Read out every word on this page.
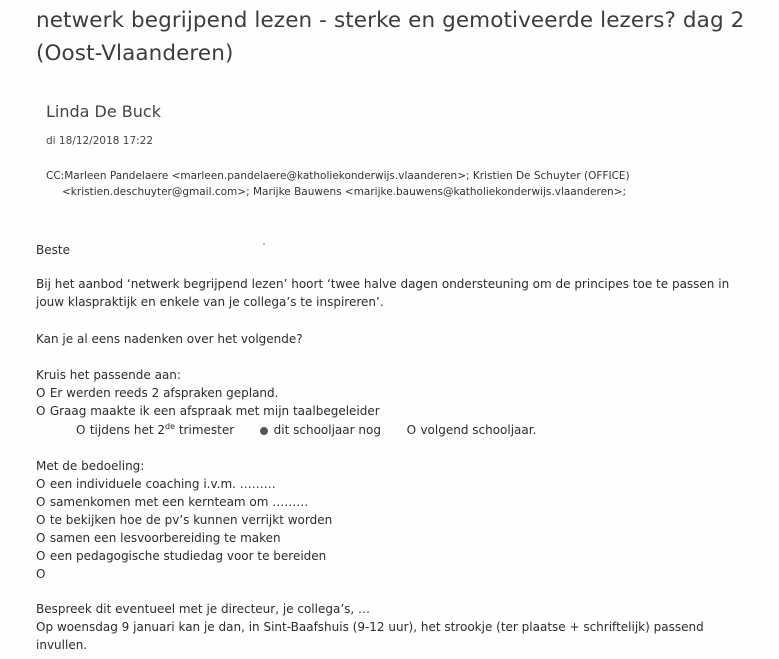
netwerk begrijpend lezen - sterke en gemotiveerde lezers? dag 2 (Oost-Vlaanderen)
Linda De Buck
di 18/12/2018 17:22
CC:Marleen Pandelaere <marleen.pandelaere@katholiekonderwijs.vlaanderen>; Kristien De Schuyter (OFFICE)
<kristien.deschuyter@gmail.com>; Marijke Bauwens <marijke.bauwens@katholiekonderwijs.vlaanderen>;
Beste
Bij het aanbod ‘netwerk begrijpend lezen’ hoort ‘twee halve dagen ondersteuning om de principes toe te passen in
jouw klaspraktijk en enkele van je collega’s te inspireren’.
Kan je al eens nadenken over het volgende?
Kruis het passende aan:
O Er werden reeds 2 afspraken gepland.
O Graag maakte ik een afspraak met mijn taalbegeleider
O tijdens het 2de trimester	dit schooljaar nog O volgend schooljaar.
Met de bedoeling:
O een individuele coaching i.v.m. ………
O samenkomen met een kernteam om ………
O te bekijken hoe de pv’s kunnen verrijkt worden
O samen een lesvoorbereiding te maken
O een pedagogische studiedag voor te bereiden
O
Bespreek dit eventueel met je directeur, je collega’s, …
Op woensdag 9 januari kan je dan, in Sint-Baafshuis (9-12 uur), het strookje (ter plaatse + schriftelijk) passend
invullen.
